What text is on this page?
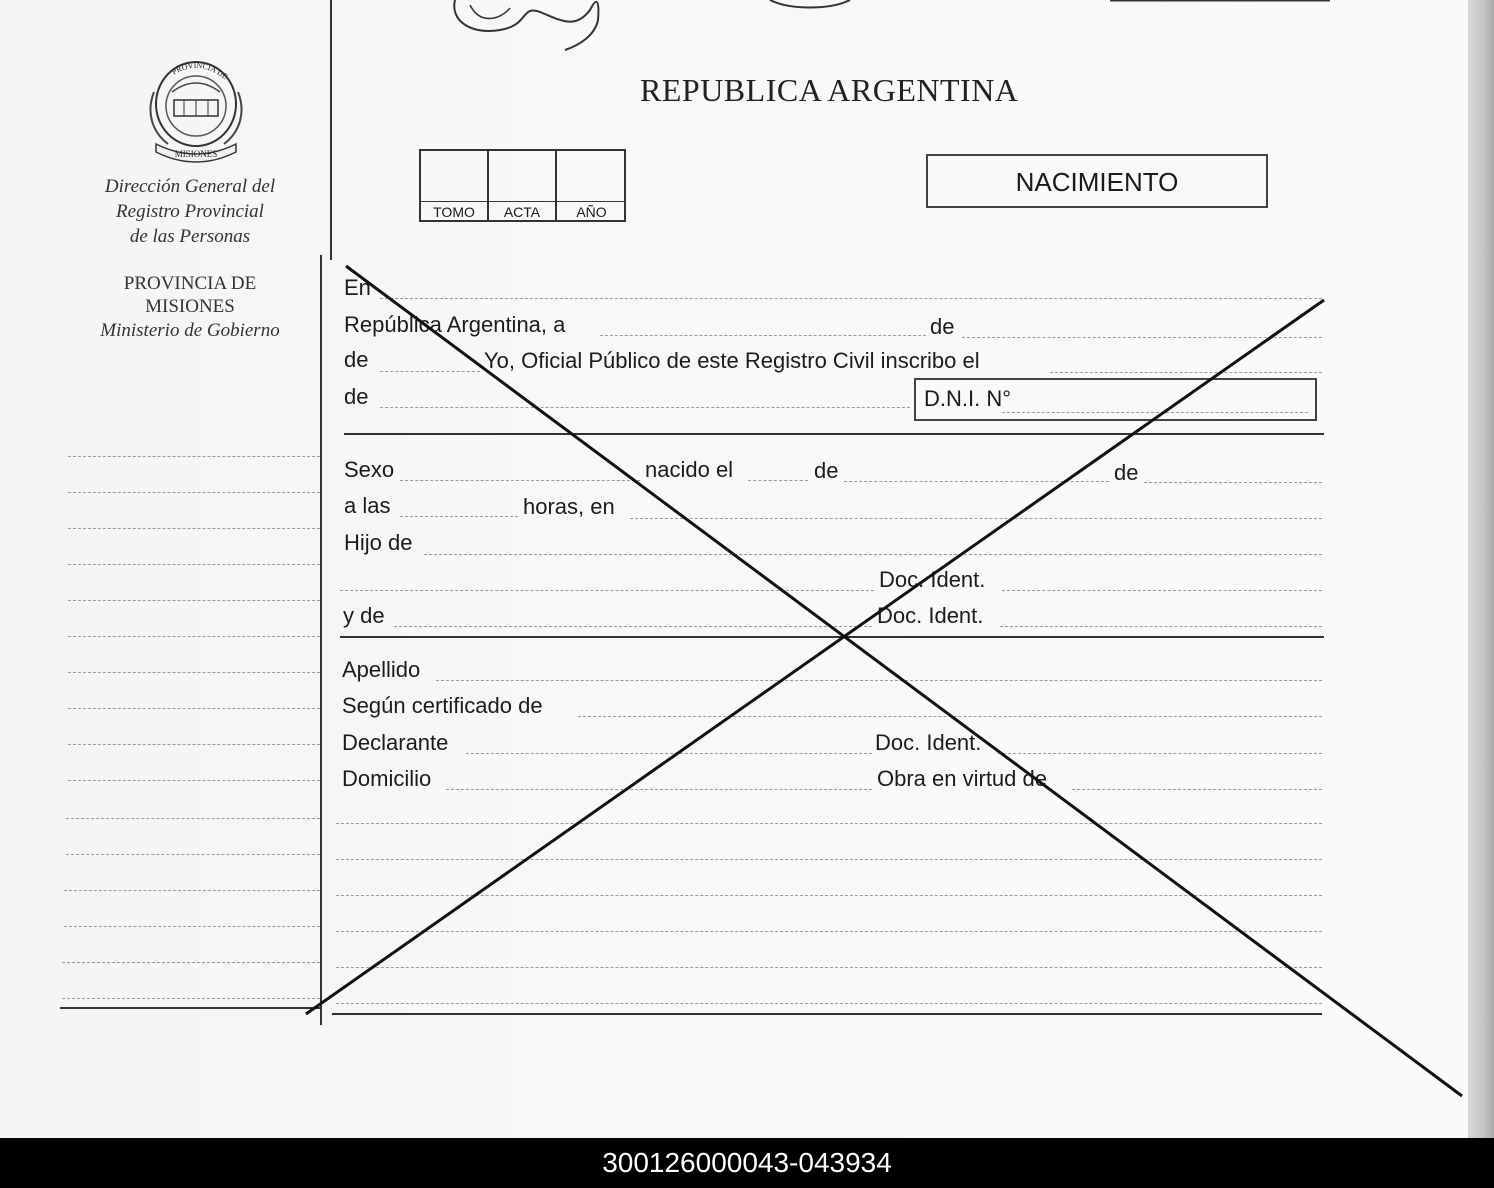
MISIONES
PROVINCIA DE
Dirección General del
Registro Provincial
de las Personas
PROVINCIA DE
MISIONES
Ministerio de Gobierno
REPUBLICA ARGENTINA
TOMO	ACTA	AÑO
NACIMIENTO
En
República Argentina, a	de
de	Yo, Oficial Público de este Registro Civil inscribo el
de	D.N.I. N°
Sexo	nacido el	de	de
a las	horas, en
Hijo de
Doc. Ident.
y de	Doc. Ident.
Apellido
Según certificado de
Declarante	Doc. Ident.
Domicilio	Obra en virtud de
300126000043-043934
